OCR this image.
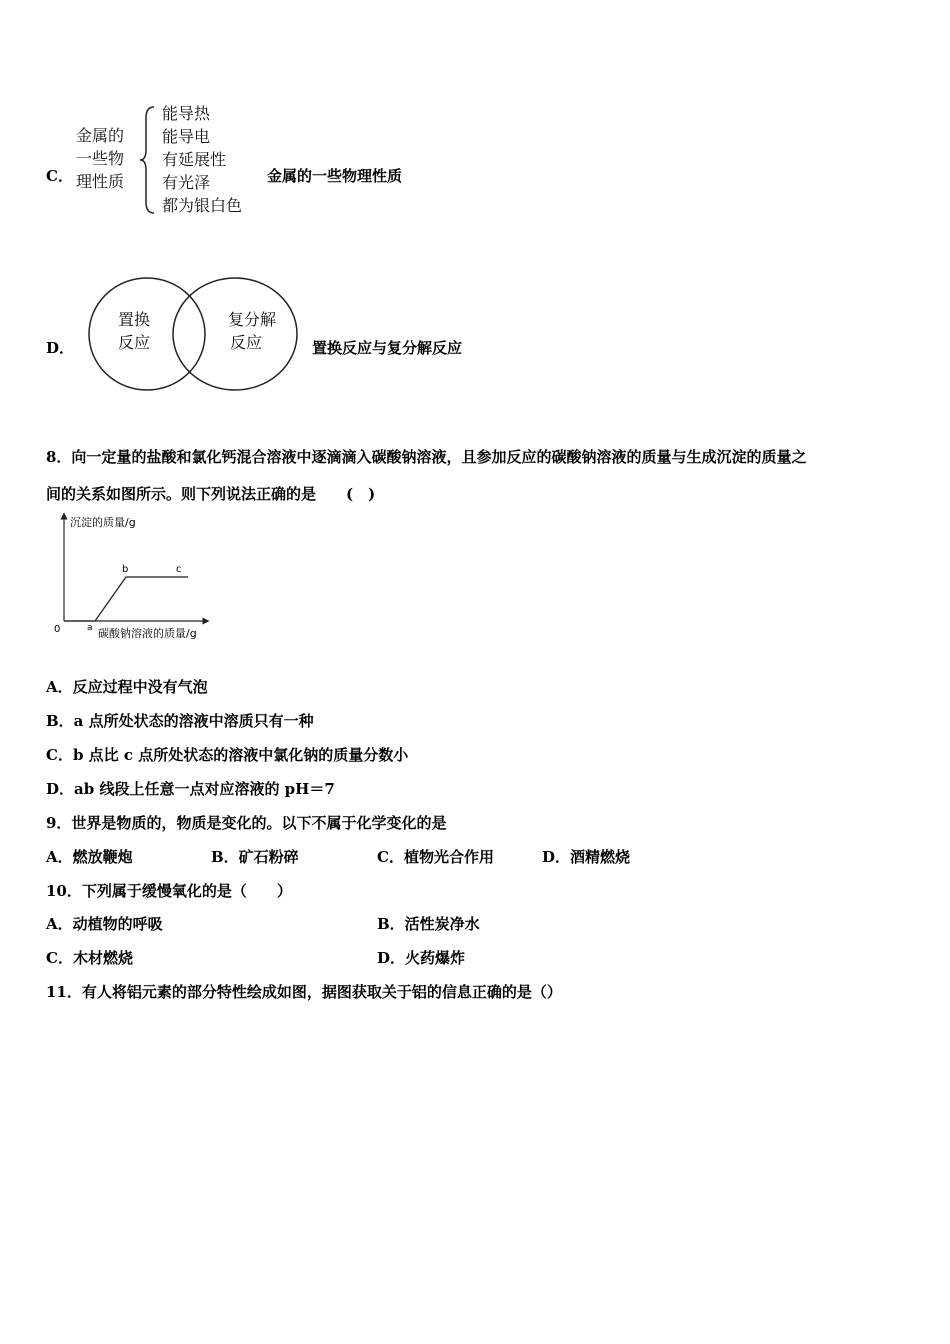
C．
金属的
一些物
理性质
能导热
能导电
有延展性
有光泽
都为银白色
金属的一些物理性质
D．
置换
反应
复分解
反应	置换反应与复分解反应
8．向一定量的盐酸和氯化钙混合溶液中逐滴滴入碳酸钠溶液，且参加反应的碳酸钠溶液的质量与生成沉淀的质量之
间的关系如图所示。则下列说法正确的是　　(　)
沉淀的质量/g
碳酸钠溶液的质量/g
0	a
b	c
A．反应过程中没有气泡
B．a 点所处状态的溶液中溶质只有一种
C．b 点比 c 点所处状态的溶液中氯化钠的质量分数小
D．ab 线段上任意一点对应溶液的 pH＝7
9．世界是物质的，物质是变化的。以下不属于化学变化的是
A．燃放鞭炮	B．矿石粉碎	C．植物光合作用	D．酒精燃烧
10．下列属于缓慢氧化的是（　　）
A．动植物的呼吸	B．活性炭净水
C．木材燃烧	D．火药爆炸
11．有人将铝元素的部分特性绘成如图，据图获取关于铝的信息正确的是（）
